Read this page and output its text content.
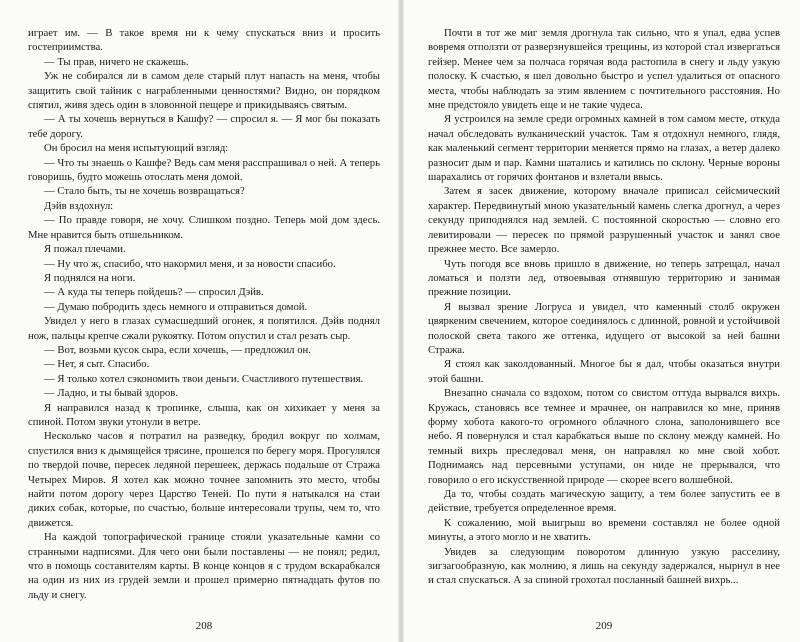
играет им. — В такое время ни к чему спускаться вниз и просить гостеприимства.

— Ты прав, ничего не скажешь.

Уж не собирался ли в самом деле старый плут напасть на меня, чтобы защитить свой тайник с награбленными ценностями? Видно, он порядком спятил, живя здесь один в зловонной пещере и прикидываясь святым.

— А ты хочешь вернуться в Кашфу? — спросил я. — Я мог бы показать тебе дорогу.

Он бросил на меня испытующий взгляд:

— Что ты знаешь о Кашфе? Ведь сам меня расспрашивал о ней. А теперь говоришь, будто можешь отослать меня домой.

— Стало быть, ты не хочешь возвращаться?

Дэйв вздохнул:

— По правде говоря, не хочу. Слишком поздно. Теперь мой дом здесь. Мне нравится быть отшельником.

Я пожал плечами.

— Ну что ж, спасибо, что накормил меня, и за новости спасибо.

Я поднялся на ноги.

— А куда ты теперь пойдешь? — спросил Дэйв.

— Думаю побродить здесь немного и отправиться домой.

Увидел у него в глазах сумасшедший огонек, я попятился. Дэйв поднял нож, пальцы крепче сжали рукоятку. Потом опустил и стал резать сыр.

— Вот, возьми кусок сыра, если хочешь, — предложил он.

— Нет, я сыт. Спасибо.

— Я только хотел сэкономить твои деньги. Счастливого путешествия.

— Ладно, и ты бывай здоров.

Я направился назад к тропинке, слыша, как он хихикает у меня за спиной. Потом звуки утонули в ветре.

Несколько часов я потратил на разведку, бродил вокруг по холмам, спустился вниз к дымящейся трясине, прошелся по берегу моря. Прогулялся по твердой почве, пересек ледяной перешеек, держась подальше от Стража Четырех Миров. Я хотел как можно точнее запомнить это место, чтобы найти потом дорогу через Царство Теней. По пути я натыкался на стаи диких собак, которые, по счастью, больше интересовали трупы, чем то, что движется.

На каждой топографической границе стояли указательные камни со странными надписями. Для чего они были поставлены — не понял; редил, что в помощь составителям карты. В конце концов я с трудом вскарабкался на один из них из грудей земли и прошел примерно пятнадцать футов по льду и снегу.

208

Почти в тот же миг земля дрогнула так сильно, что я упал, едва успев вовремя отползти от разверзнувшейся трещины, из которой стал извергаться гейзер. Менее чем за полчаса горячая вода растопила в снегу и льду узкую полоску. К счастью, я шел довольно быстро и успел удалиться от опасного места, чтобы наблюдать за этим явлением с почтительного расстояния. Но мне предстояло увидеть еще и не такие чудеса.

Я устроился на земле среди огромных камней в том самом месте, откуда начал обследовать вулканический участок. Там я отдохнул немного, глядя, как маленький сегмент территории меняется прямо на глазах, а ветер далеко разносит дым и пар. Камни шатались и катились по склону. Черные вороны шарахались от горячих фонтанов и взлетали ввысь.

Затем я засек движение, которому вначале приписал сейсмический характер. Передвинутый мною указательный камень слегка дрогнул, а через секунду приподнялся над землей. С постоянной скоростью — словно его левитировали — пересек по прямой разрушенный участок и занял свое прежнее место. Все замерло.

Чуть погодя все вновь пришло в движение, но теперь затрещал, начал ломаться и ползти лед, отвоевывая отнявшую территорию и занимая прежние позиции.

Я вызвал зрение Логруса и увидел, что каменный столб окружен цвяркеним свечением, которое соединялось с длинной, ровной и устойчивой полоской света такого же оттенка, идущего от высокой за ней башни Стража.

Я стоял как заколдованный. Многое бы я дал, чтобы оказаться внутри этой башни.

Внезапно сначала со вздохом, потом со свистом оттуда вырвался вихрь. Кружась, становясь все темнее и мрачнее, он направился ко мне, приняв форму хобота какого-то огромного облачного слона, заполонившего все небо. Я повернулся и стал карабкаться выше по склону между камней. Но темный вихрь преследовал меня, он направлял ко мне свой хобот. Поднимаясь над персевными уступами, он ниде не прерывался, что говорило о его искусственной природе — скорее всего волшебной.

Да то, чтобы создать магическую защиту, а тем более запустить ее в действие, требуется определенное время.

К сожалению, мой выигрыш во времени составлял не более одной минуты, а этого могло и не хватить.

Увидев за следующим поворотом длинную узкую расселину, зигзагообразную, как молнию, я лишь на секунду задержался, нырнул в нее и стал спускаться. А за спиной грохотал посланный башней вихрь...

209
